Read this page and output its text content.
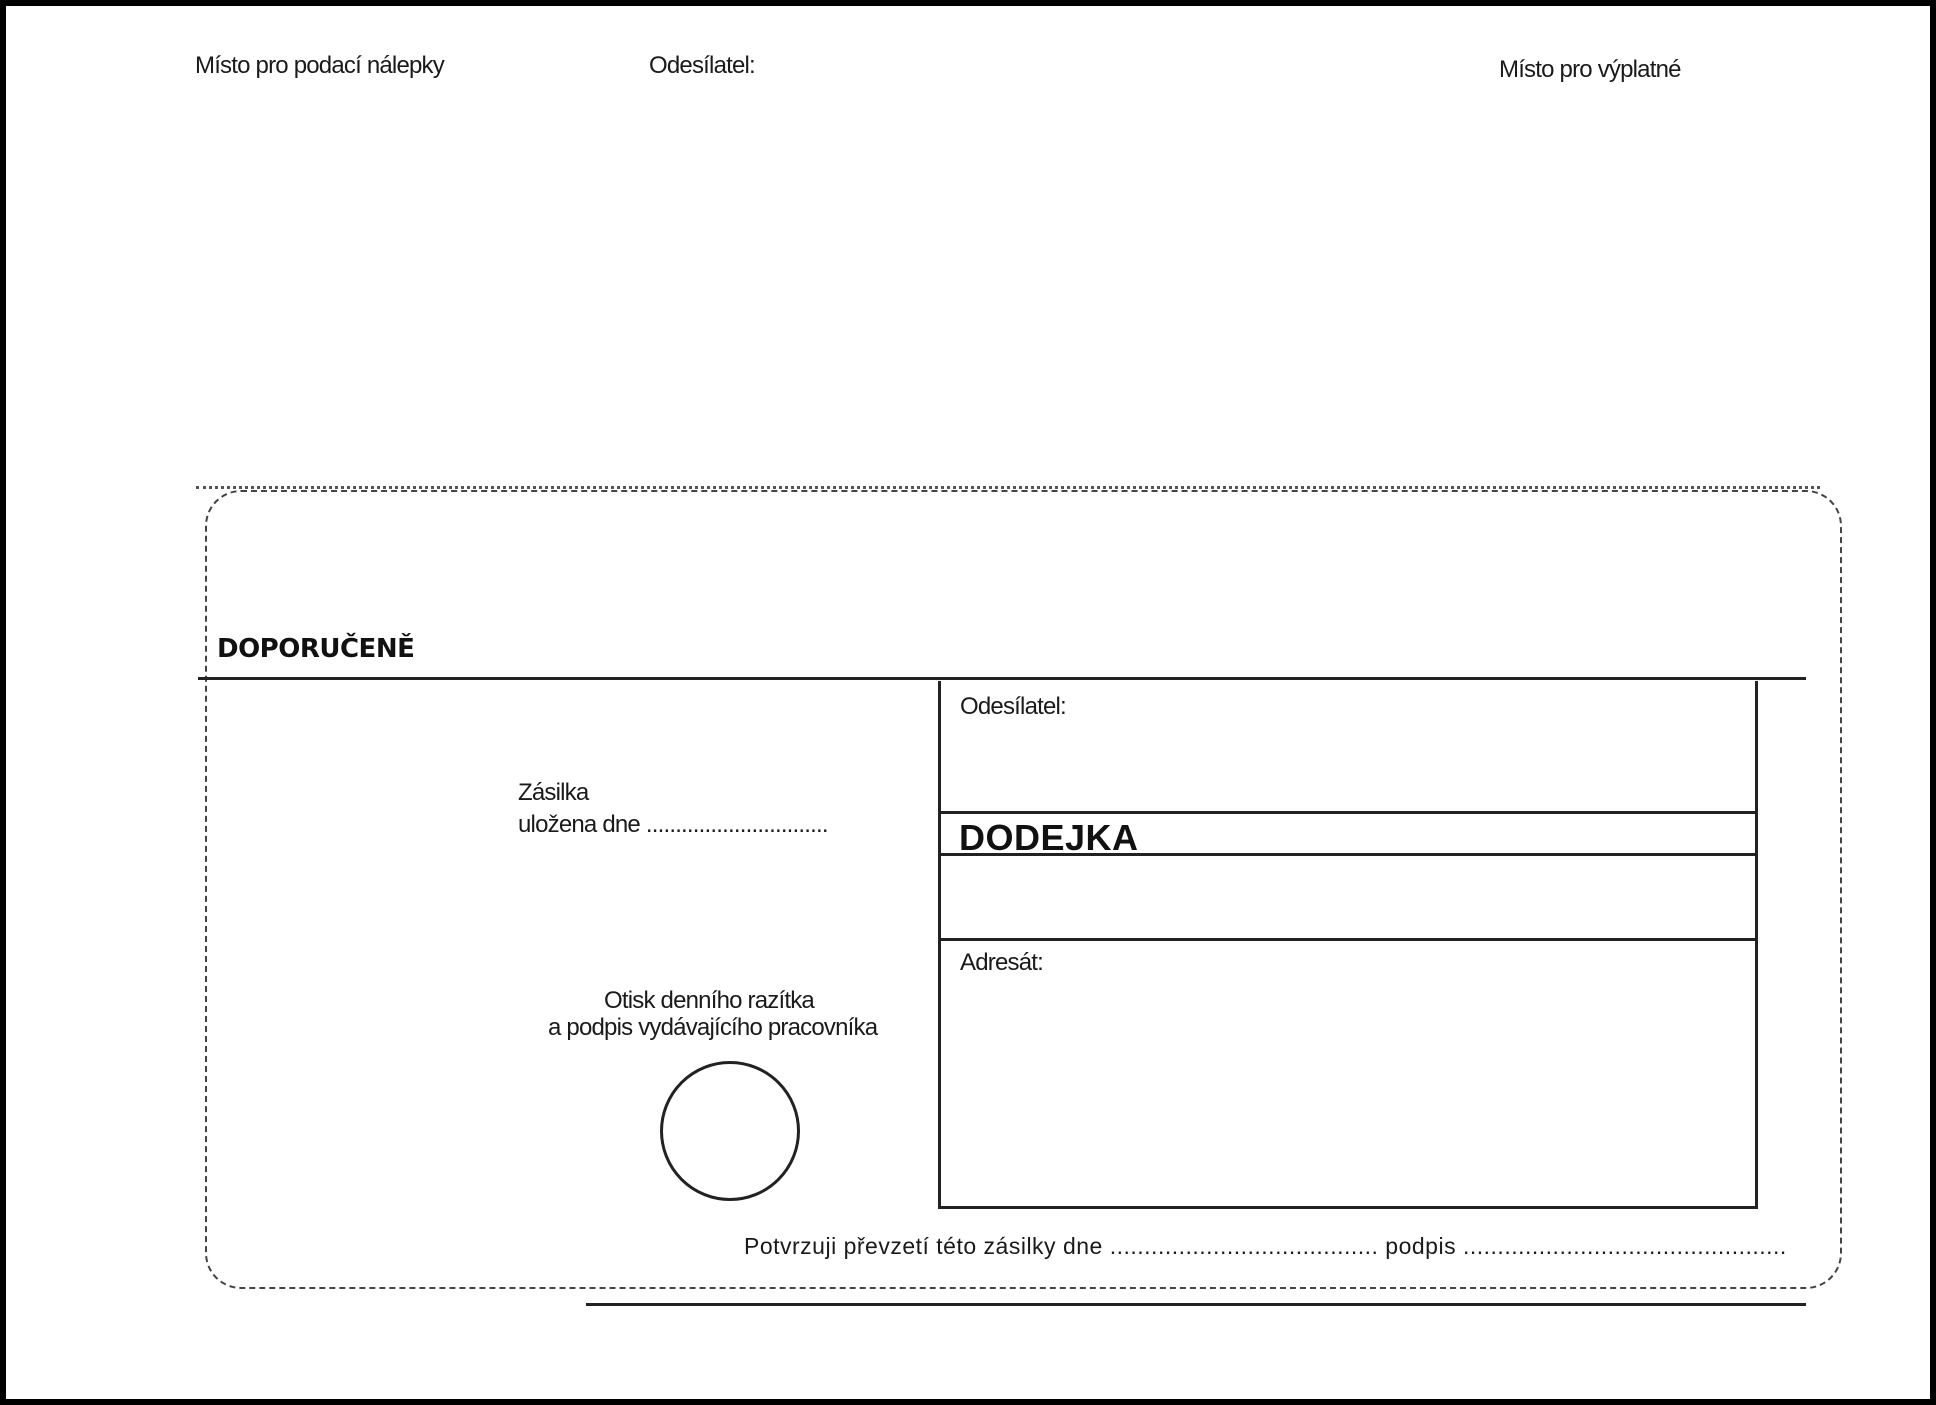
Místo pro podací nálepky	Odesílatel:	Místo pro výplatné
DOPORUČENĚ
Zásilka
uložena dne ...............................
Otisk denního razítka
a podpis vydávajícího pracovníka
Odesílatel:
DODEJKA
Adresát:
Potvrzuji převzetí této zásilky dne ....................................... podpis ...............................................
